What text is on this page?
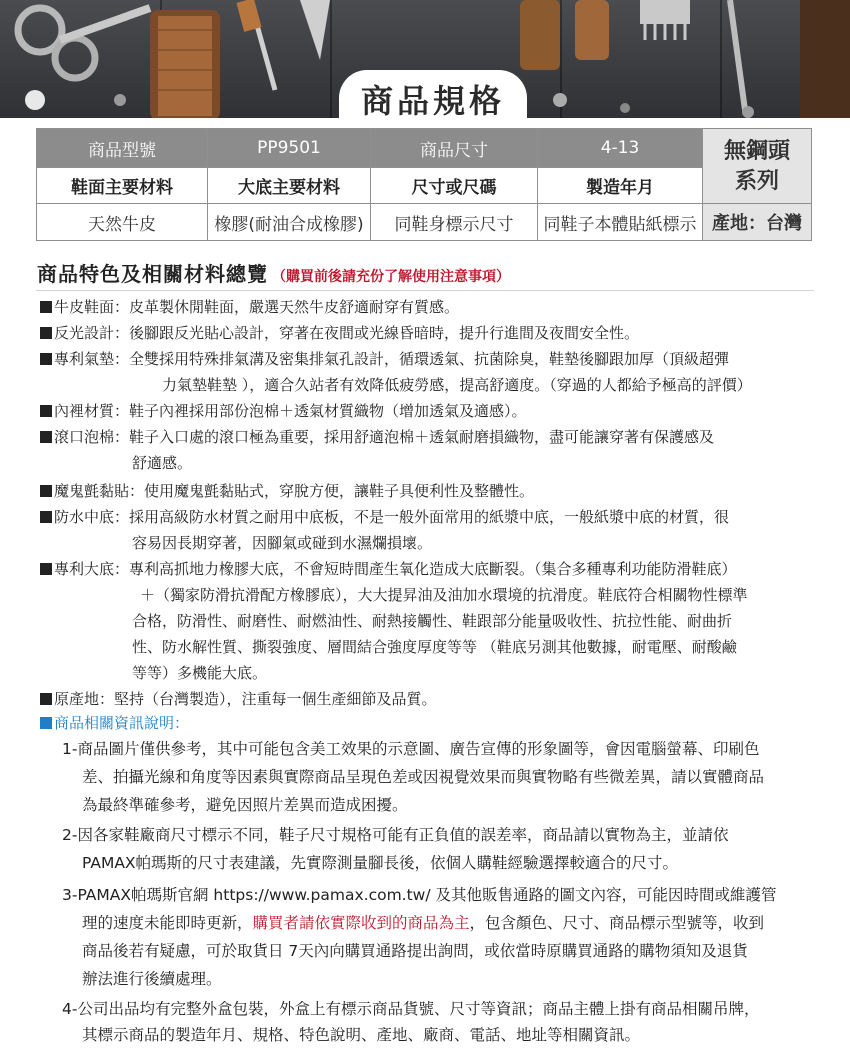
商品規格
商品型號	PP9501	商品尺寸	4-13	無鋼頭
系列

鞋面主要材料	大底主要材料	尺寸或尺碼	製造年月	
天然牛皮	橡膠(耐油合成橡膠)	同鞋身標示尺寸	同鞋子本體貼紙標示	產地：台灣
商品特色及相關材料總覽 （購買前後請充份了解使用注意事項）
牛皮鞋面：皮革製休閒鞋面，嚴選天然牛皮舒適耐穿有質感。
反光設計：後腳跟反光貼心設計，穿著在夜間或光線昏暗時，提升行進間及夜間安全性。
專利氣墊：全雙採用特殊排氣溝及密集排氣孔設計，循環透氣、抗菌除臭，鞋墊後腳跟加厚（頂級超彈
力氣墊鞋墊 ），適合久站者有效降低疲勞感，提高舒適度。（穿過的人都給予極高的評價）
內裡材質：鞋子內裡採用部份泡棉＋透氣材質織物（增加透氣及適感）。
滾口泡棉：鞋子入口處的滾口極為重要，採用舒適泡棉＋透氣耐磨損織物，盡可能讓穿著有保護感及
舒適感。
魔鬼氈黏貼：使用魔鬼氈黏貼式，穿脫方便，讓鞋子具便利性及整體性。
防水中底：採用高級防水材質之耐用中底板，不是一般外面常用的紙漿中底，一般紙漿中底的材質，很
容易因長期穿著，因腳氣或碰到水濕爛損壞。
專利大底：專利高抓地力橡膠大底，不會短時間產生氧化造成大底斷裂。（集合多種專利功能防滑鞋底）
＋（獨家防滑抗滑配方橡膠底），大大提昇油及油加水環境的抗滑度。鞋底符合相關物性標準
合格，防滑性、耐磨性、耐燃油性、耐熱接觸性、鞋跟部分能量吸收性、抗拉性能、耐曲折
性、防水解性質、撕裂強度、層間結合強度厚度等等 （鞋底另測其他數據，耐電壓、耐酸鹼
等等）多機能大底。
原產地：堅持（台灣製造），注重每一個生產細節及品質。
商品相關資訊說明：
1-商品圖片僅供參考，其中可能包含美工效果的示意圖、廣告宣傳的形象圖等，會因電腦螢幕、印刷色
差、拍攝光線和角度等因素與實際商品呈現色差或因視覺效果而與實物略有些微差異，請以實體商品
為最終準確參考，避免因照片差異而造成困擾。
2-因各家鞋廠商尺寸標示不同，鞋子尺寸規格可能有正負值的誤差率，商品請以實物為主，並請依
PAMAX帕瑪斯的尺寸表建議，先實際測量腳長後，依個人購鞋經驗選擇較適合的尺寸。
3-PAMAX帕瑪斯官網 https://www.pamax.com.tw/ 及其他販售通路的圖文內容，可能因時間或維護管
理的速度未能即時更新，購買者請依實際收到的商品為主，包含顏色、尺寸、商品標示型號等，收到
商品後若有疑慮，可於取貨日 7天內向購買通路提出詢問，或依當時原購買通路的購物須知及退貨
辦法進行後續處理。
4-公司出品均有完整外盒包裝，外盒上有標示商品貨號、尺寸等資訊；商品主體上掛有商品相關吊牌，
其標示商品的製造年月、規格、特色說明、產地、廠商、電話、地址等相關資訊。
